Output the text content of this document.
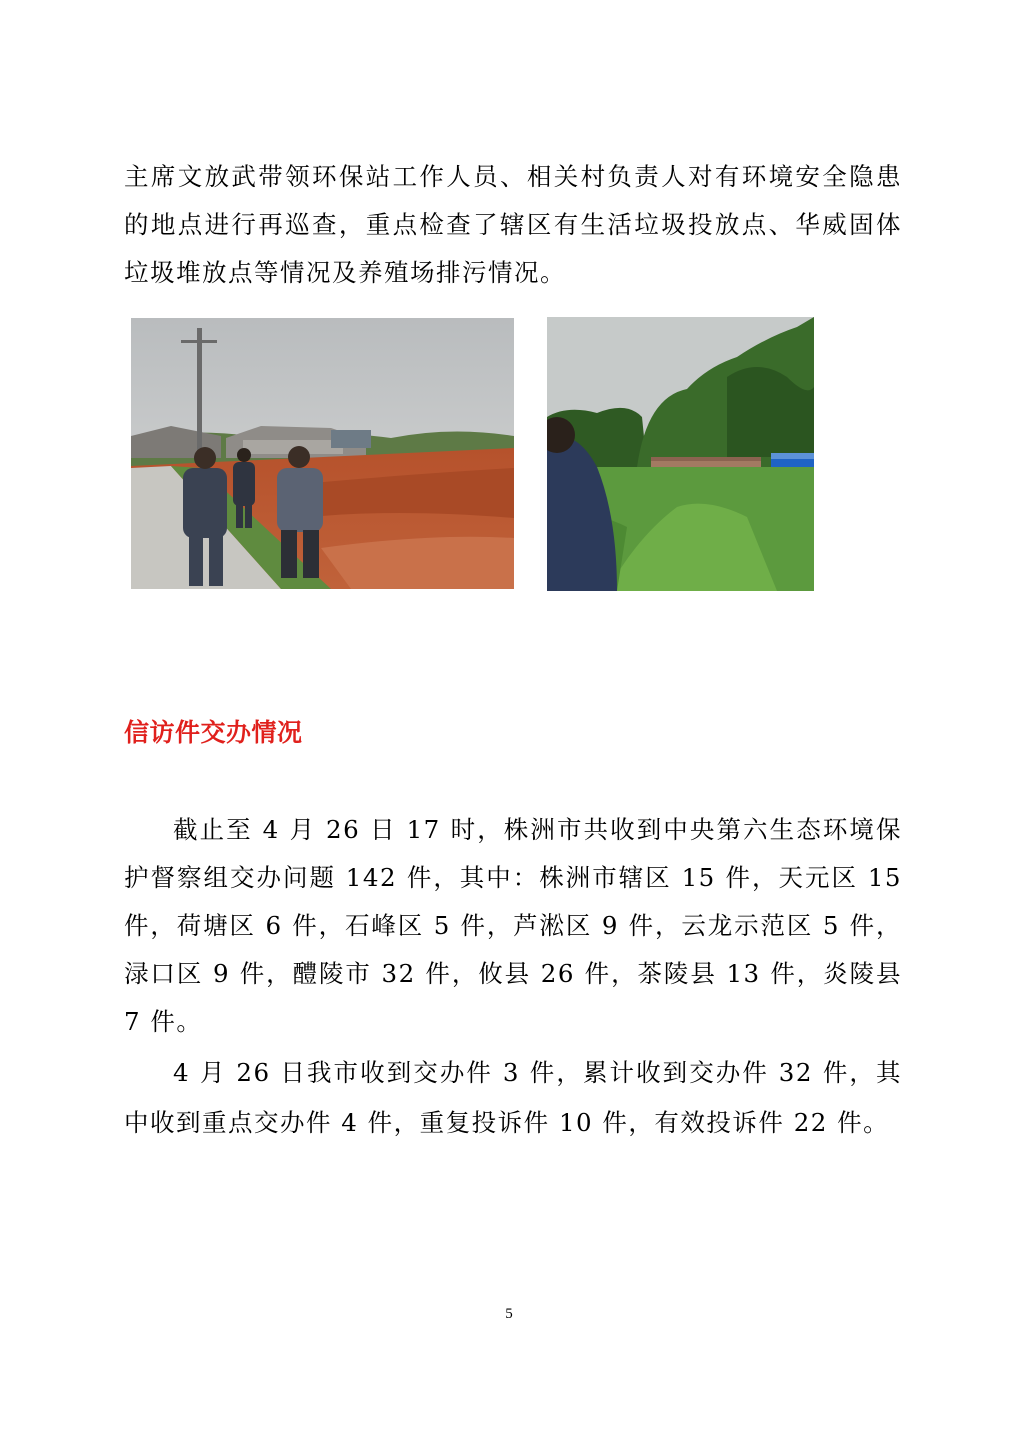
主席文放武带领环保站工作人员、相关村负责人对有环境安全隐患的地点进行再巡查，重点检查了辖区有生活垃圾投放点、华威固体垃圾堆放点等情况及养殖场排污情况。

信访件交办情况

截止至 4 月 26 日 17 时，株洲市共收到中央第六生态环境保护督察组交办问题 142 件，其中：株洲市辖区 15 件，天元区 15 件，荷塘区 6 件，石峰区 5 件，芦淞区 9 件，云龙示范区 5 件，渌口区 9 件，醴陵市 32 件，攸县 26 件，茶陵县 13 件，炎陵县 7 件。

4 月 26 日我市收到交办件 3 件，累计收到交办件 32 件，其中收到重点交办件 4 件，重复投诉件 10 件，有效投诉件 22 件。

5
